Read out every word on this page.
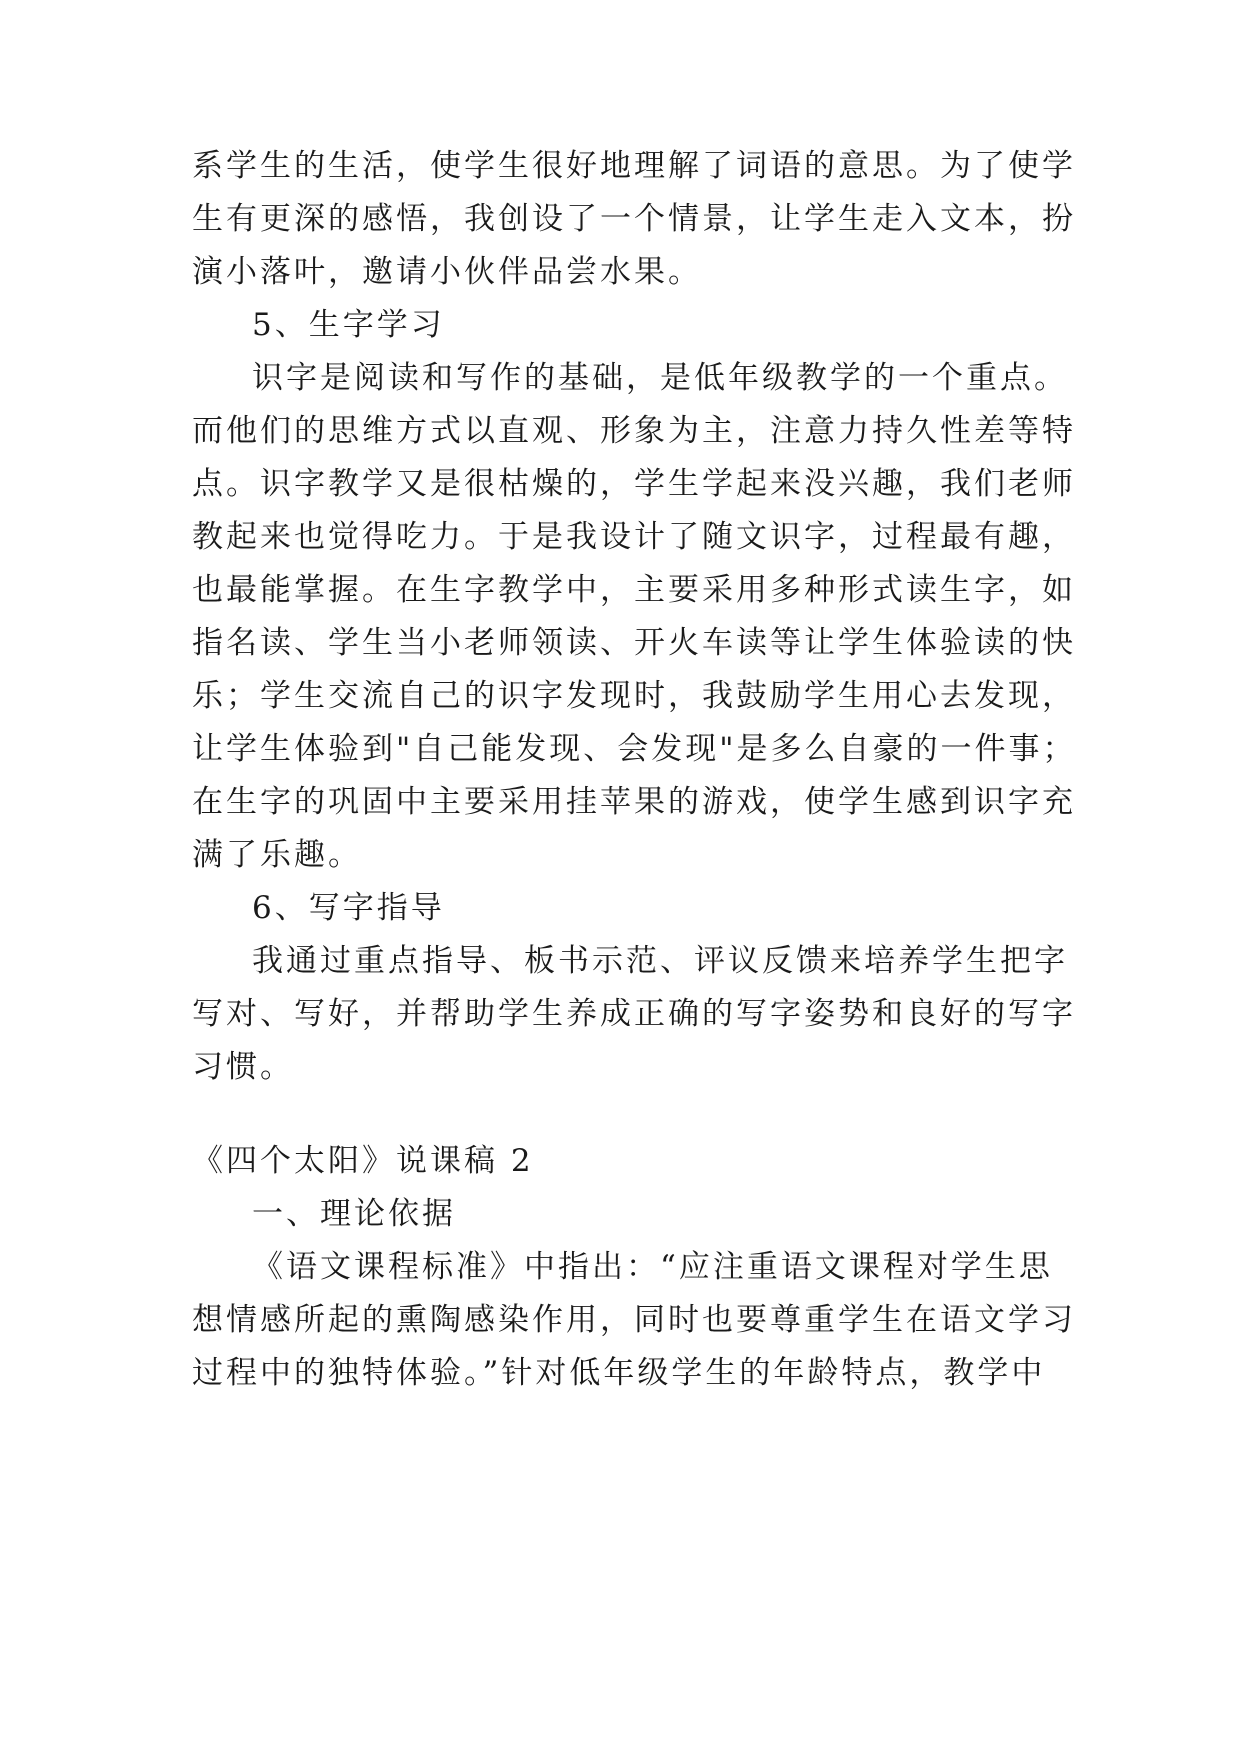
系学生的生活，使学生很好地理解了词语的意思。为了使学
生有更深的感悟，我创设了一个情景，让学生走入文本，扮
演小落叶，邀请小伙伴品尝水果。
5、生字学习
识字是阅读和写作的基础，是低年级教学的一个重点。
而他们的思维方式以直观、形象为主，注意力持久性差等特
点。识字教学又是很枯燥的，学生学起来没兴趣，我们老师
教起来也觉得吃力。于是我设计了随文识字，过程最有趣，
也最能掌握。在生字教学中，主要采用多种形式读生字，如
指名读、学生当小老师领读、开火车读等让学生体验读的快
乐；学生交流自己的识字发现时，我鼓励学生用心去发现，
让学生体验到"自己能发现、会发现"是多么自豪的一件事；
在生字的巩固中主要采用挂苹果的游戏，使学生感到识字充
满了乐趣。
6、写字指导
我通过重点指导、板书示范、评议反馈来培养学生把字
写对、写好，并帮助学生养成正确的写字姿势和良好的写字
习惯。
《四个太阳》说课稿 2
一、理论依据
《语文课程标准》中指出：“应注重语文课程对学生思
想情感所起的熏陶感染作用，同时也要尊重学生在语文学习
过程中的独特体验。”针对低年级学生的年龄特点，教学中
